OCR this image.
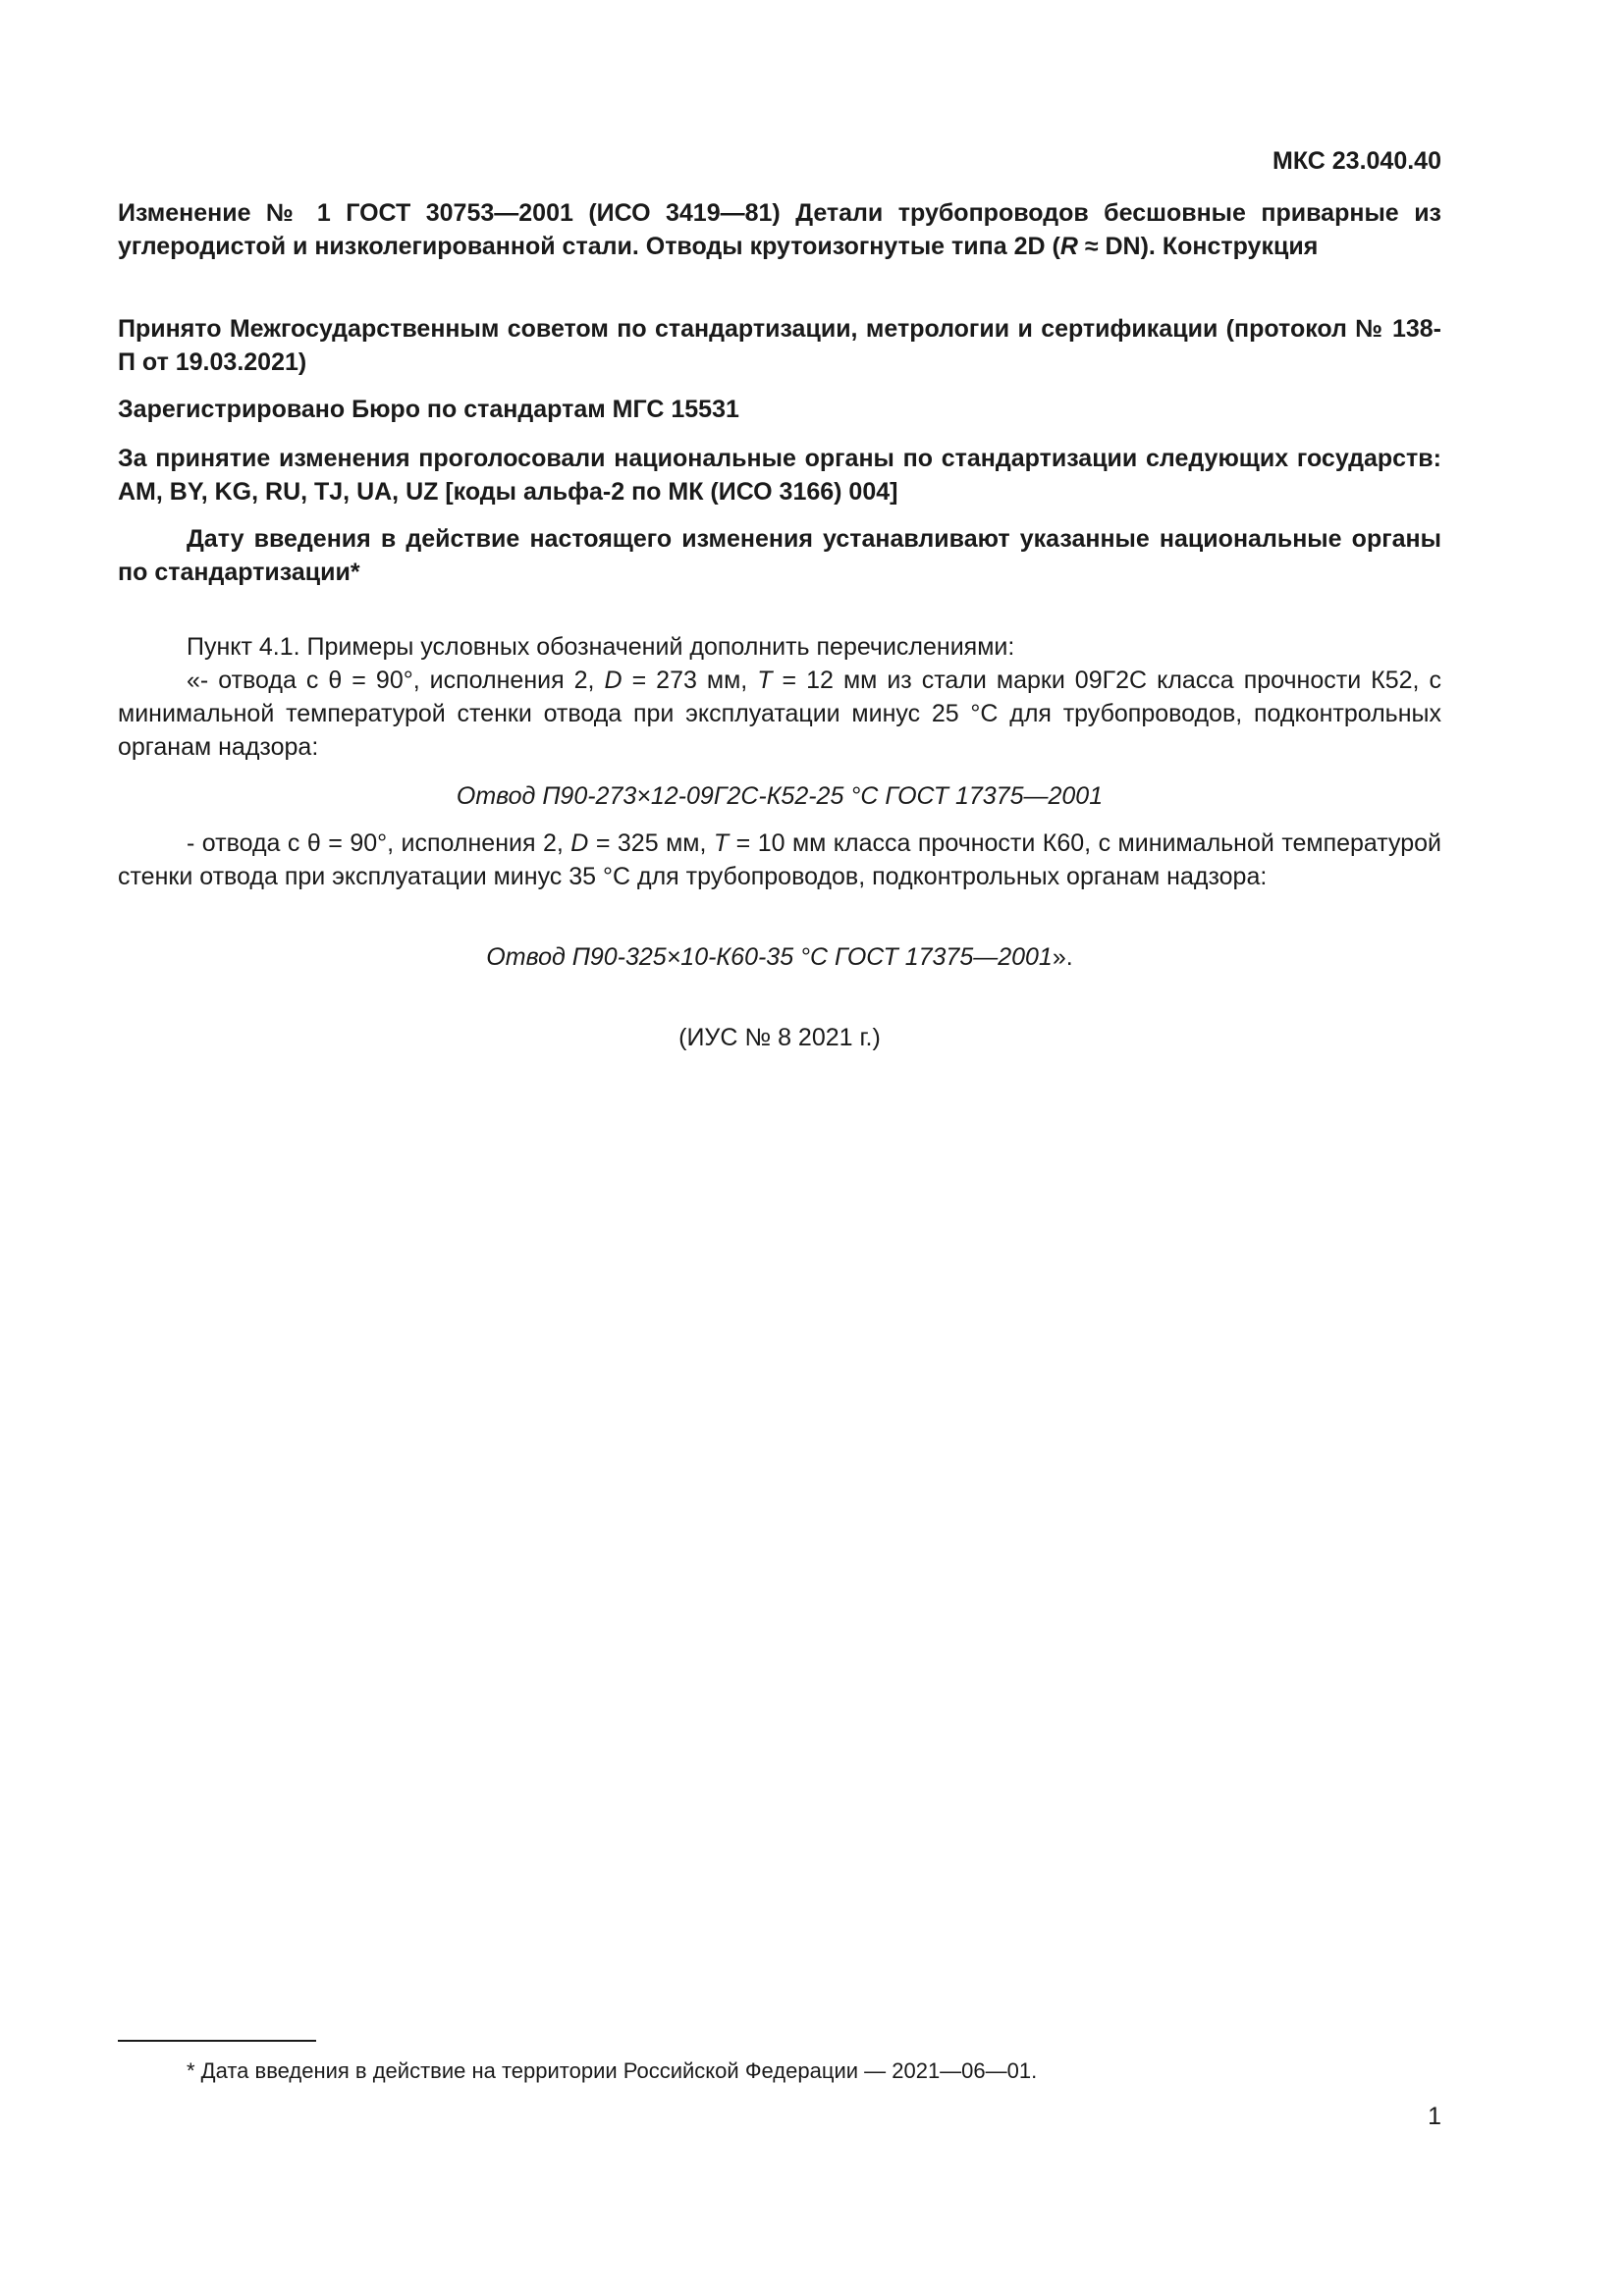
МКС 23.040.40
Изменение № 1 ГОСТ 30753—2001 (ИСО 3419—81) Детали трубопроводов бесшовные приварные из углеродистой и низколегированной стали. Отводы крутоизогнутые типа 2D (R ≈ DN). Конструкция
Принято Межгосударственным советом по стандартизации, метрологии и сертификации (протокол № 138-П от 19.03.2021)
Зарегистрировано Бюро по стандартам МГС 15531
За принятие изменения проголосовали национальные органы по стандартизации следующих государств: AM, BY, KG, RU, TJ, UA, UZ [коды альфа-2 по МК (ИСО 3166) 004]
Дату введения в действие настоящего изменения устанавливают указанные национальные органы по стандартизации*
Пункт 4.1. Примеры условных обозначений дополнить перечислениями:
«- отвода с θ = 90°, исполнения 2, D = 273 мм, T = 12 мм из стали марки 09Г2С класса прочности К52, с минимальной температурой стенки отвода при эксплуатации минус 25 °С для трубопроводов, подконтрольных органам надзора:
Отвод П90-273×12-09Г2С-К52-25 °С ГОСТ 17375—2001
- отвода с θ = 90°, исполнения 2, D = 325 мм, T = 10 мм класса прочности К60, с минимальной температурой стенки отвода при эксплуатации минус 35 °С для трубопроводов, подконтрольных органам надзора:
Отвод П90-325×10-К60-35 °С ГОСТ 17375—2001».
(ИУС № 8 2021 г.)
* Дата введения в действие на территории Российской Федерации — 2021—06—01.
1
